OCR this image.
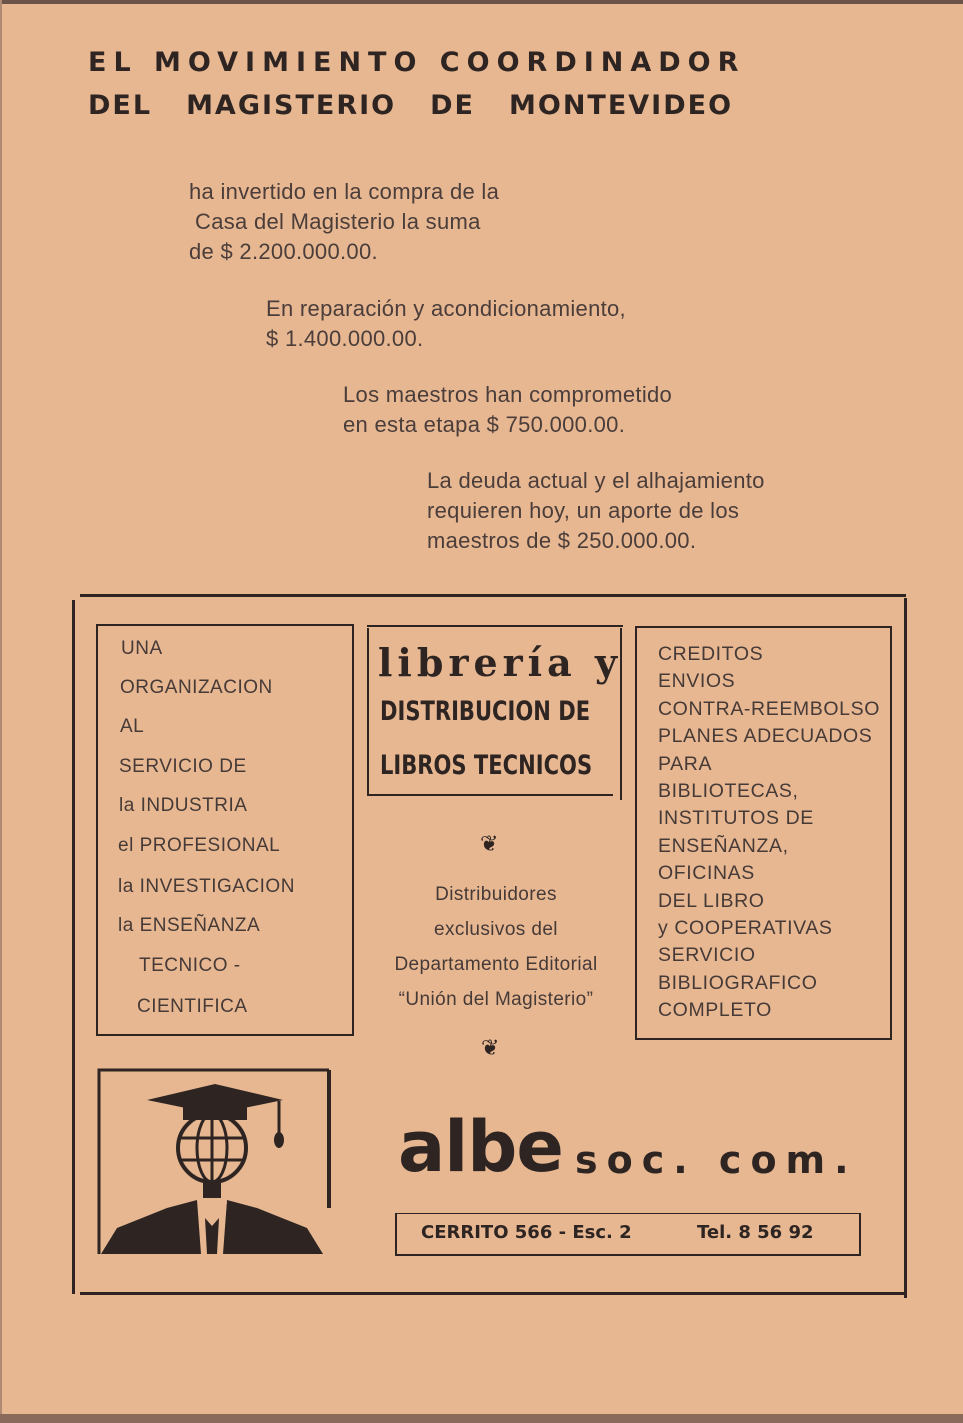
EL MOVIMIENTO COORDINADOR
DEL MAGISTERIO DE MONTEVIDEO
ha invertido en la compra de la
Casa del Magisterio la suma
de $ 2.200.000.00.
En reparación y acondicionamiento,
$ 1.400.000.00.
Los maestros han comprometido
en esta etapa $ 750.000.00.
La deuda actual y el alhajamiento
requieren hoy, un aporte de los
maestros de $ 250.000.00.
UNA
ORGANIZACION
AL
SERVICIO DE
la INDUSTRIA
el PROFESIONAL
la INVESTIGACION
la ENSEÑANZA
TECNICO -
CIENTIFICA
librería y
DISTRIBUCION DE
LIBROS TECNICOS
❦
Distribuidores
exclusivos del
Departamento Editorial
“Unión del Magisterio”
❦
CREDITOS
ENVIOS
CONTRA-REEMBOLSO
PLANES ADECUADOS
PARA
BIBLIOTECAS,
INSTITUTOS DE
ENSEÑANZA,
OFICINAS
DEL LIBRO
y COOPERATIVAS
SERVICIO
BIBLIOGRAFICO
COMPLETO
albe soc. com.
CERRITO 566 - Esc. 2	Tel. 8 56 92
